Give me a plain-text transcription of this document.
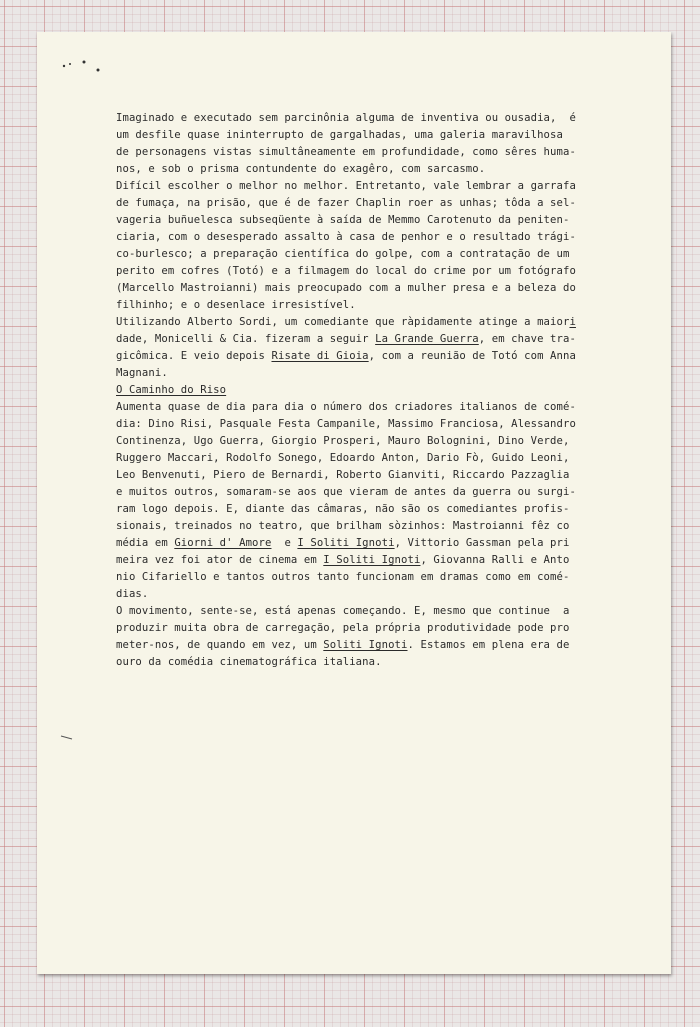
Imaginado e executado sem parcinônia alguma de inventiva ou ousadia,  é
um desfile quase ininterrupto de gargalhadas, uma galeria maravilhosa
de personagens vistas simultâneamente em profundidade, como sêres huma-
nos, e sob o prisma contundente do exagêro, com sarcasmo.
Difícil escolher o melhor no melhor. Entretanto, vale lembrar a garrafa
de fumaça, na prisão, que é de fazer Chaplin roer as unhas; tôda a sel-
vageria buñuelesca subseqüente à saída de Memmo Carotenuto da peniten-
ciaria, com o desesperado assalto à casa de penhor e o resultado trági-
co-burlesco; a preparação científica do golpe, com a contratação de um
perito em cofres (Totó) e a filmagem do local do crime por um fotógrafo
(Marcello Mastroianni) mais preocupado com a mulher presa e a beleza do
filhinho; e o desenlace irresistível.
Utilizando Alberto Sordi, um comediante que ràpidamente atinge a maiori
dade, Monicelli & Cia. fizeram a seguir La Grande Guerra, em chave tra-
gicômica. E veio depois Risate di Gioia, com a reunião de Totó com Anna
Magnani.
O Caminho do Riso
Aumenta quase de dia para dia o número dos criadores italianos de comé-
dia: Dino Risi, Pasquale Festa Campanile, Massimo Franciosa, Alessandro
Continenza, Ugo Guerra, Giorgio Prosperi, Mauro Bolognini, Dino Verde,
Ruggero Maccari, Rodolfo Sonego, Edoardo Anton, Dario Fò, Guido Leoni,
Leo Benvenuti, Piero de Bernardi, Roberto Gianviti, Riccardo Pazzaglia
e muitos outros, somaram-se aos que vieram de antes da guerra ou surgi-
ram logo depois. E, diante das câmaras, não são os comediantes profis-
sionais, treinados no teatro, que brilham sòzinhos: Mastroianni fêz co
média em Giorni d' Amore  e I Soliti Ignoti, Vittorio Gassman pela pri
meira vez foi ator de cinema em I Soliti Ignoti, Giovanna Ralli e Anto
nio Cifariello e tantos outros tanto funcionam em dramas como em comé-
dias.
O movimento, sente-se, está apenas começando. E, mesmo que continue  a
produzir muita obra de carregação, pela própria produtividade pode pro
meter-nos, de quando em vez, um Soliti Ignoti. Estamos em plena era de
ouro da comédia cinematográfica italiana.
